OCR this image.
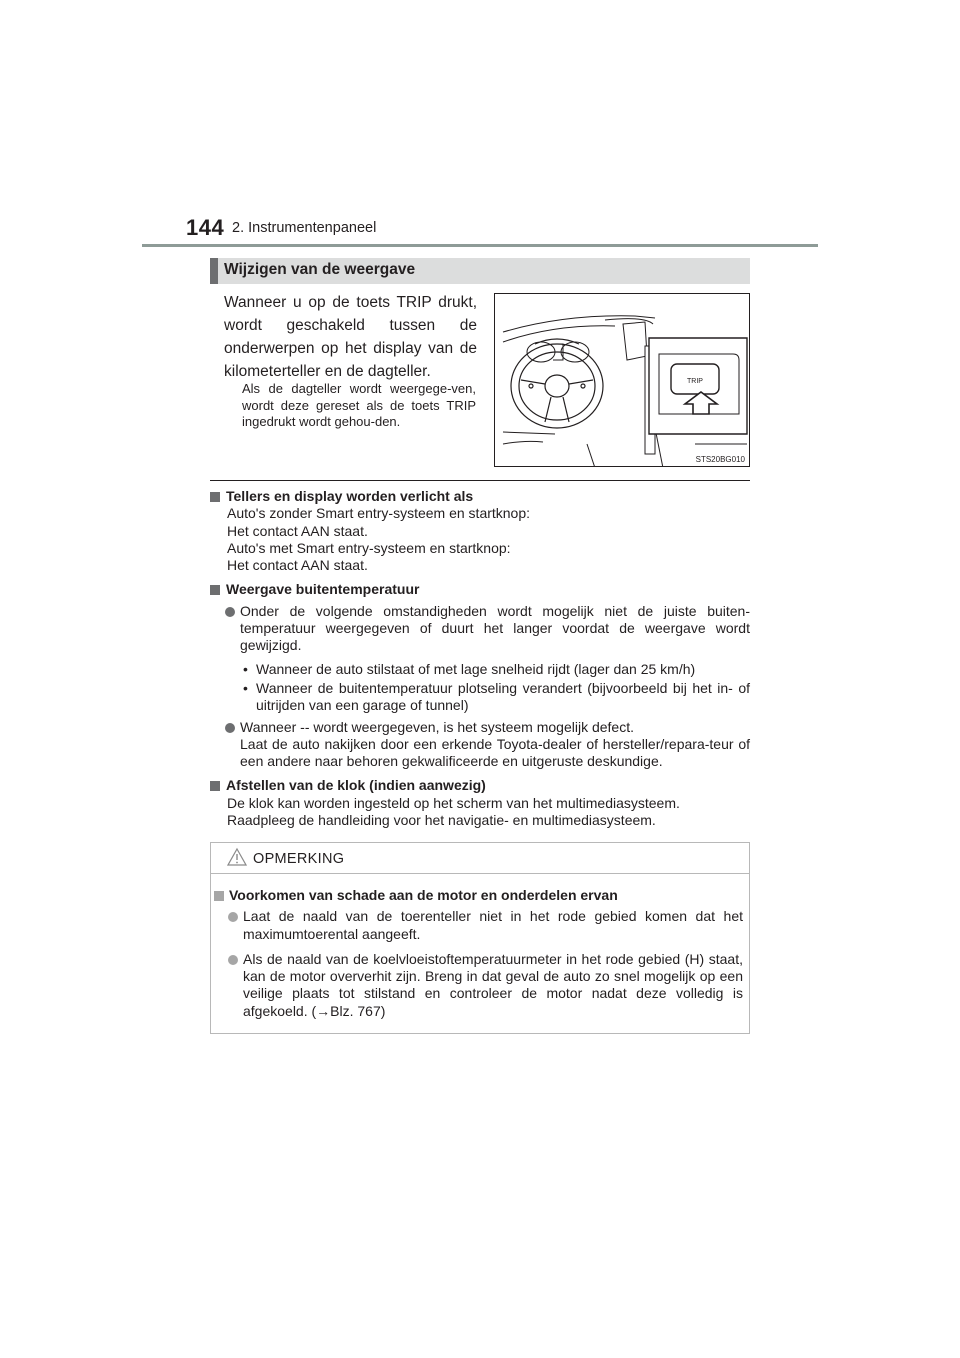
144 2. Instrumentenpaneel
Wijzigen van de weergave
Wanneer u op de toets TRIP drukt, wordt geschakeld tussen de onderwerpen op het display van de kilometerteller en de dagteller.
Als de dagteller wordt weergege-ven, wordt deze gereset als de toets TRIP ingedrukt wordt gehou-den.
TRIP
STS20BG010
Tellers en display worden verlicht als
Auto's zonder Smart entry-systeem en startknop:
Het contact AAN staat.
Auto's met Smart entry-systeem en startknop:
Het contact AAN staat.
Weergave buitentemperatuur
Onder de volgende omstandigheden wordt mogelijk niet de juiste buiten-temperatuur weergegeven of duurt het langer voordat de weergave wordt gewijzigd.
• Wanneer de auto stilstaat of met lage snelheid rijdt (lager dan 25 km/h)
• Wanneer de buitentemperatuur plotseling verandert (bijvoorbeeld bij het in- of uitrijden van een garage of tunnel)
Wanneer -- wordt weergegeven, is het systeem mogelijk defect.
Laat de auto nakijken door een erkende Toyota-dealer of hersteller/repara-teur of een andere naar behoren gekwalificeerde en uitgeruste deskundige.
Afstellen van de klok (indien aanwezig)
De klok kan worden ingesteld op het scherm van het multimediasysteem.
Raadpleeg de handleiding voor het navigatie- en multimediasysteem.
OPMERKING
Voorkomen van schade aan de motor en onderdelen ervan
Laat de naald van de toerenteller niet in het rode gebied komen dat het maximumtoerental aangeeft.
Als de naald van de koelvloeistoftemperatuurmeter in het rode gebied (H) staat, kan de motor oververhit zijn. Breng in dat geval de auto zo snel mogelijk op een veilige plaats tot stilstand en controleer de motor nadat deze volledig is afgekoeld. (→Blz. 767)
